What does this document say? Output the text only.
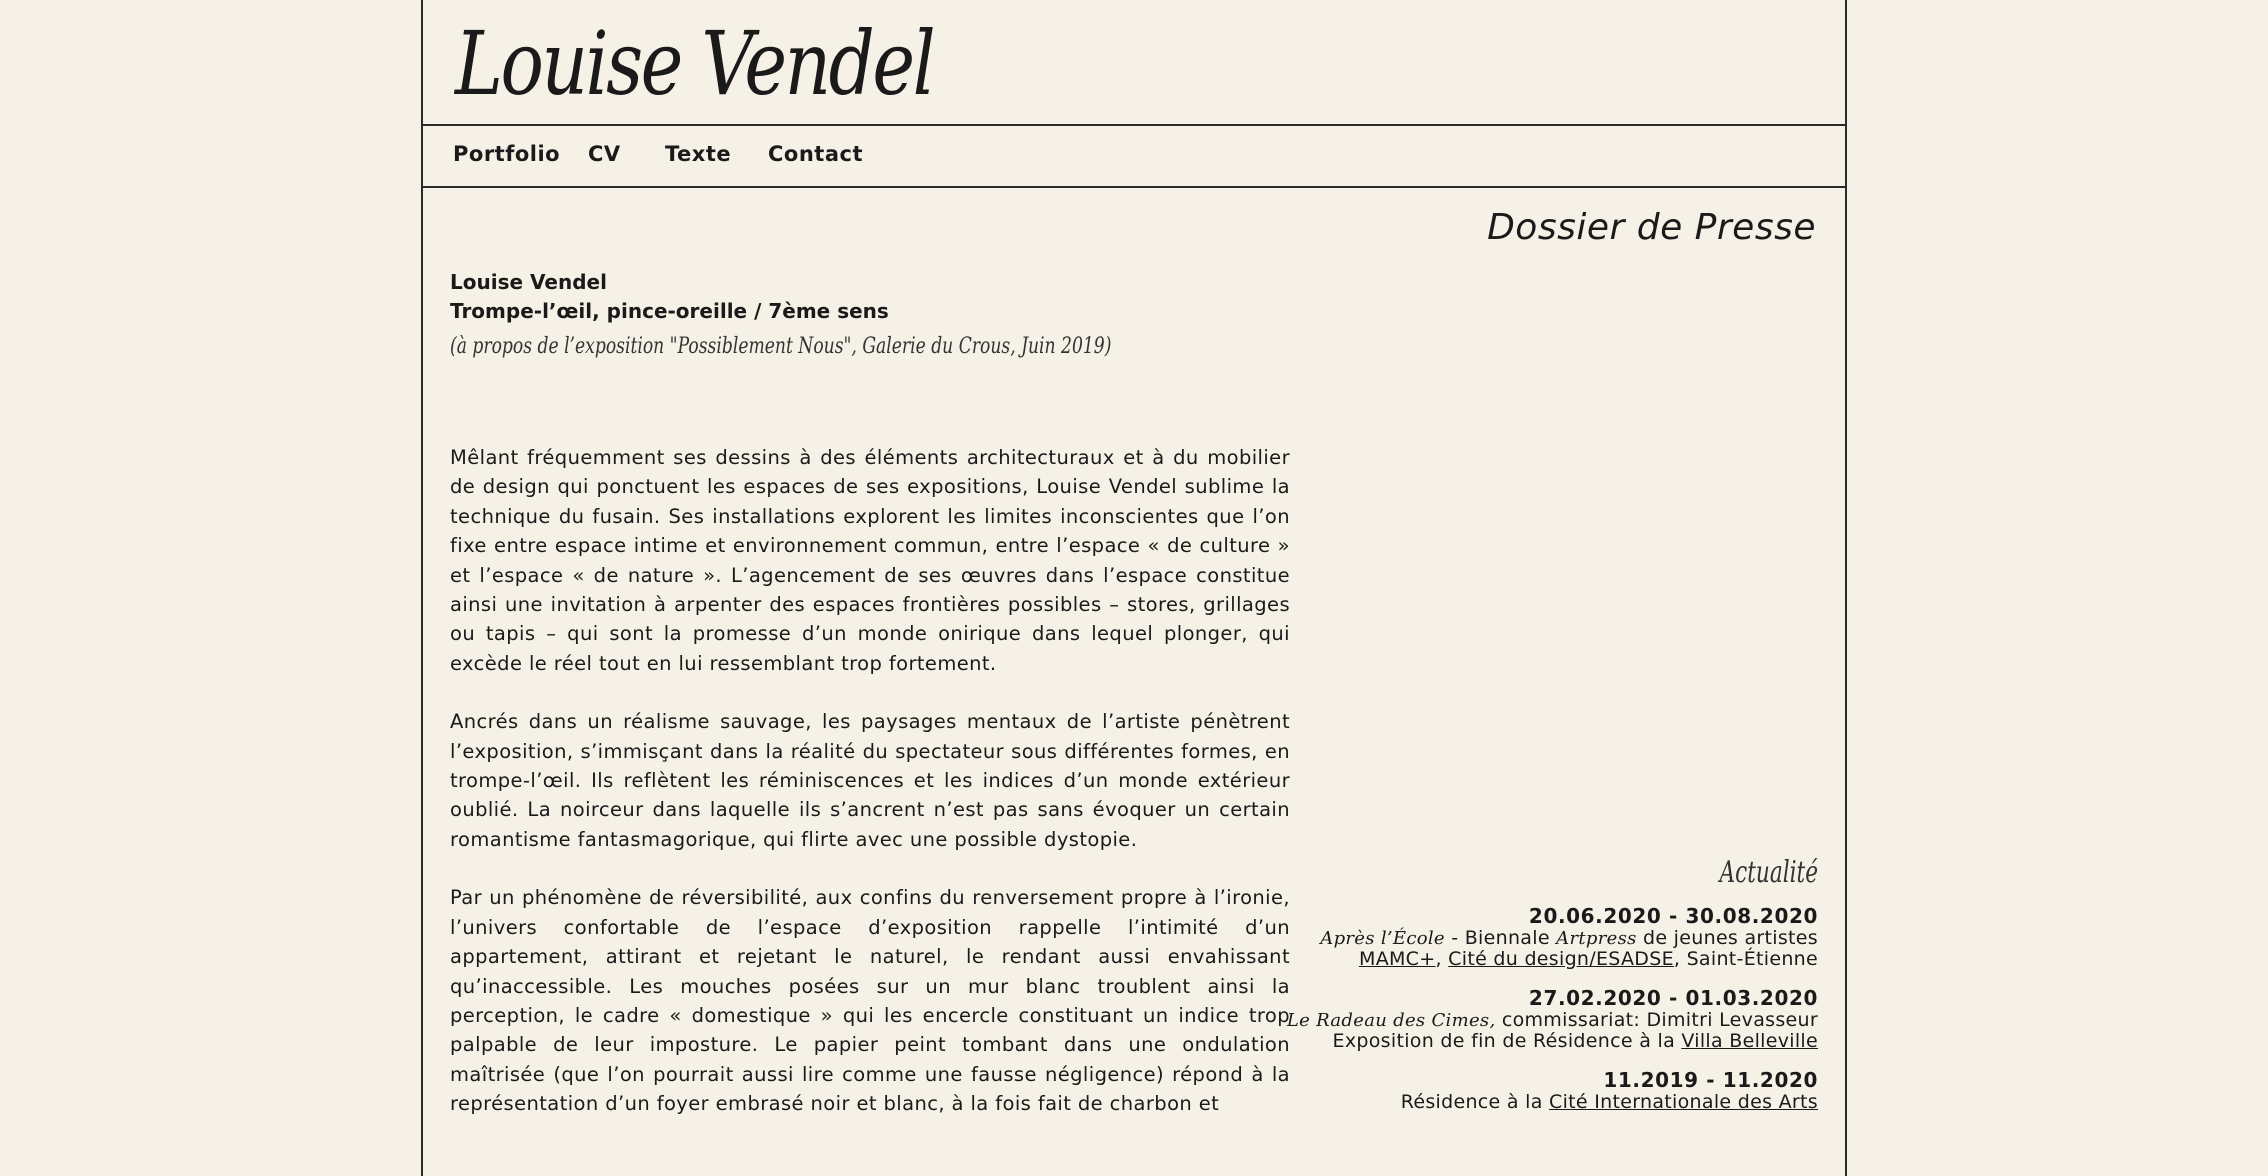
Louise Vendel
Portfolio CV Texte Contact
Dossier de Presse

Louise Vendel

Trompe-l’œil, pince-oreille / 7ème sens

(à propos de l’exposition "Possiblement Nous", Galerie du Crous, Juin 2019)

Mêlant fréquemment ses dessins à des éléments architecturaux et à du mobilier de design qui ponctuent les espaces de ses expositions, Louise Vendel sublime la technique du fusain. Ses installations explorent les limites inconscientes que l’on fixe entre espace intime et environnement commun, entre l’espace « de culture » et l’espace « de nature ». L’agencement de ses œuvres dans l’espace constitue ainsi une invitation à arpenter des espaces frontières possibles – stores, grillages ou tapis – qui sont la promesse d’un monde onirique dans lequel plonger, qui excède le réel tout en lui ressemblant trop fortement.

Ancrés dans un réalisme sauvage, les paysages mentaux de l’artiste pénètrent l’exposition, s’immisçant dans la réalité du spectateur sous différentes formes, en trompe-l’œil. Ils reflètent les réminiscences et les indices d’un monde extérieur oublié. La noirceur dans laquelle ils s’ancrent n’est pas sans évoquer un certain romantisme fantasmagorique, qui flirte avec une possible dystopie.

Par un phénomène de réversibilité, aux confins du renversement propre à l’ironie, l’univers confortable de l’espace d’exposition rappelle l’intimité d’un appartement, attirant et rejetant le naturel, le rendant aussi envahissant qu’inaccessible. Les mouches posées sur un mur blanc troublent ainsi la perception, le cadre « domestique » qui les encercle constituant un indice trop palpable de leur imposture. Le papier peint tombant dans une ondulation maîtrisée (que l’on pourrait aussi lire comme une fausse négligence) répond à la représentation d’un foyer embrasé noir et blanc, à la fois fait de charbon et

Actualité
20.06.2020 - 30.08.2020
Après l’École - Biennale Artpress de jeunes artistes
MAMC+, Cité du design/ESADSE, Saint-Étienne
27.02.2020 - 01.03.2020
Le Radeau des Cimes, commissariat: Dimitri Levasseur
Exposition de fin de Résidence à la Villa Belleville
11.2019 - 11.2020
Résidence à la Cité Internationale des Arts
